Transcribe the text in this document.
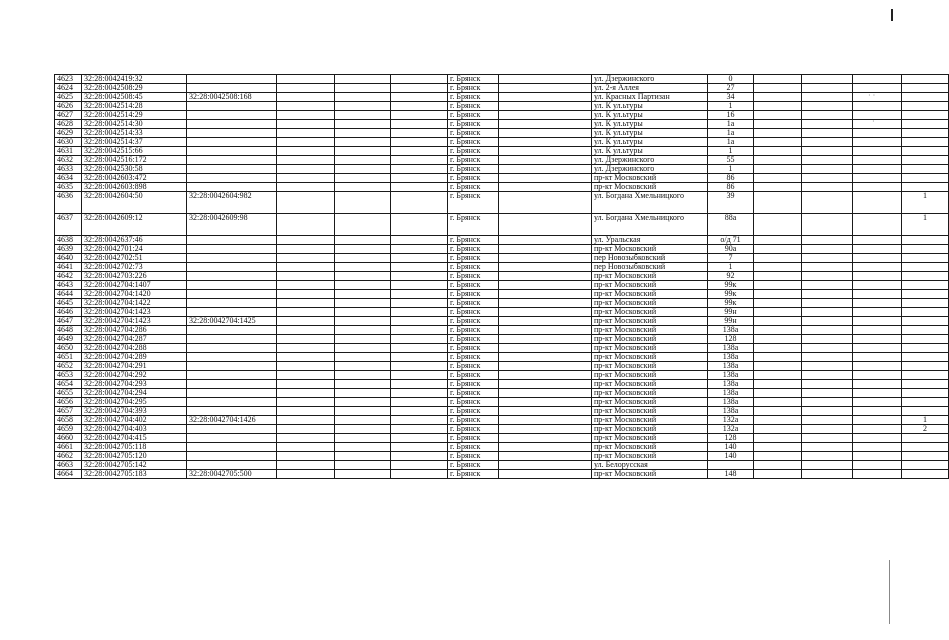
· ·
·
4623	32:28:0042419:32					г. Брянск		ул. Дзержинского	0				
4624	32:28:0042508:29					г. Брянск		ул. 2-я Аллея	27				
4625	32:28:0042508:45	32:28:0042508:168				г. Брянск		ул. Красных Партизан	34				
4626	32:28:0042514:28					г. Брянск		ул. К ул.ьтуры	1				
4627	32:28:0042514:29					г. Брянск		ул. К ул.ьтуры	16				
4628	32:28:0042514:30					г. Брянск		ул. К ул.ьтуры	1а				
4629	32:28:0042514:33					г. Брянск		ул. К ул.ьтуры	1а				
4630	32:28:0042514:37					г. Брянск		ул. К ул.ьтуры	1а				
4631	32:28:0042515:66					г. Брянск		ул. К ул.ьтуры	1				
4632	32:28:0042516:172					г. Брянск		ул. Дзержинского	55				
4633	32:28:0042530:58					г. Брянск		ул. Дзержинского	1				
4634	32:28:0042603:472					г. Брянск		пр-кт Московский	86				
4635	32:28:0042603:898					г. Брянск		пр-кт Московский	86				
4636	32:28:0042604:50	32:28:0042604:982				г. Брянск		ул. Богдана Хмельницкого	39				1
4637	32:28:0042609:12	32:28:0042609:98				г. Брянск		ул. Богдана Хмельницкого	88а				1
4638	32:28:0042637:46					г. Брянск		ул. Уральская	о/д 71				
4639	32:28:0042701:24					г. Брянск		пр-кт Московский	90а				
4640	32:28:0042702:51					г. Брянск		пер Новозыбковский	7				
4641	32:28:0042702:73					г. Брянск		пер Новозыбковский	1				
4642	32:28:0042703:226					г. Брянск		пр-кт Московский	92				
4643	32:28:0042704:1407					г. Брянск		пр-кт Московский	99к				
4644	32:28:0042704:1420					г. Брянск		пр-кт Московский	99к				
4645	32:28:0042704:1422					г. Брянск		пр-кт Московский	99к				
4646	32:28:0042704:1423					г. Брянск		пр-кт Московский	99н				
4647	32:28:0042704:1423	32:28:0042704:1425				г. Брянск		пр-кт Московский	99н				
4648	32:28:0042704:286					г. Брянск		пр-кт Московский	138а				
4649	32:28:0042704:287					г. Брянск		пр-кт Московский	128				
4650	32:28:0042704:288					г. Брянск		пр-кт Московский	138а				
4651	32:28:0042704:289					г. Брянск		пр-кт Московский	138а				
4652	32:28:0042704:291					г. Брянск		пр-кт Московский	138а				
4653	32:28:0042704:292					г. Брянск		пр-кт Московский	138а				
4654	32:28:0042704:293					г. Брянск		пр-кт Московский	138а				
4655	32:28:0042704:294					г. Брянск		пр-кт Московский	138а				
4656	32:28:0042704:295					г. Брянск		пр-кт Московский	138а				
4657	32:28:0042704:393					г. Брянск		пр-кт Московский	138а				
4658	32:28:0042704:402	32:28:0042704:1426				г. Брянск		пр-кт Московский	132а				1
4659	32:28:0042704:403					г. Брянск		пр-кт Московский	132а				2
4660	32:28:0042704:415					г. Брянск		пр-кт Московский	128				
4661	32:28:0042705:118					г. Брянск		пр-кт Московский	140				
4662	32:28:0042705:120					г. Брянск		пр-кт Московский	140				
4663	32:28:0042705:142					г. Брянск		ул. Белорусская					
4664	32:28:0042705:183	32:28:0042705:500				г. Брянск		пр-кт Московский	148				
